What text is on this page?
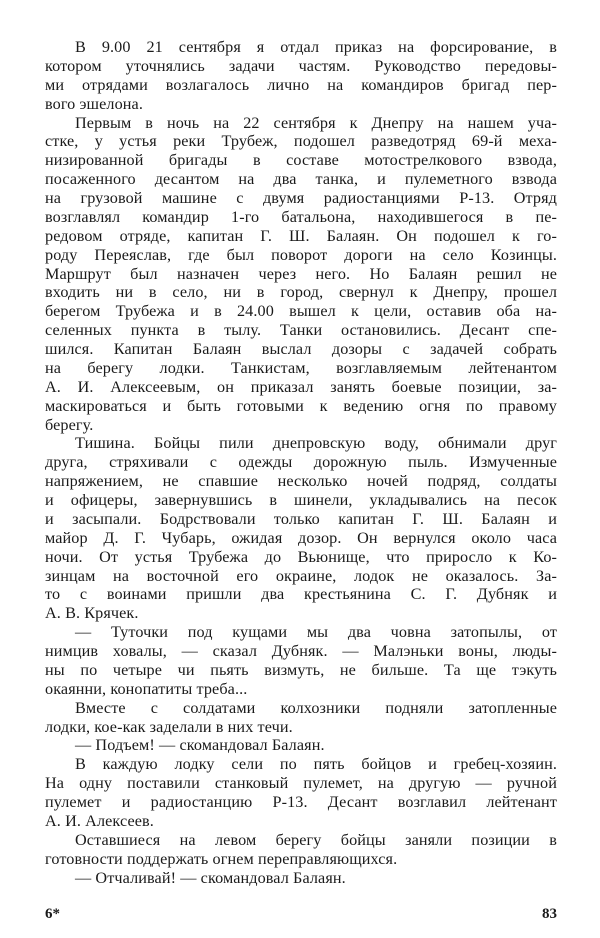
В 9.00 21 сентября я отдал приказ на форсирование, в
котором уточнялись задачи частям. Руководство передовы-
ми отрядами возлагалось лично на командиров бригад пер-
вого эшелона.
Первым в ночь на 22 сентября к Днепру на нашем уча-
стке, у устья реки Трубеж, подошел разведотряд 69-й меха-
низированной бригады в составе мотострелкового взвода,
посаженного десантом на два танка, и пулеметного взвода
на грузовой машине с двумя радиостанциями Р-13. Отряд
возглавлял командир 1-го батальона, находившегося в пе-
редовом отряде, капитан Г. Ш. Балаян. Он подошел к го-
роду Переяслав, где был поворот дороги на село Козинцы.
Маршрут был назначен через него. Но Балаян решил не
входить ни в село, ни в город, свернул к Днепру, прошел
берегом Трубежа и в 24.00 вышел к цели, оставив оба на-
селенных пункта в тылу. Танки остановились. Десант спе-
шился. Капитан Балаян выслал дозоры с задачей собрать
на берегу лодки. Танкистам, возглавляемым лейтенантом
А. И. Алексеевым, он приказал занять боевые позиции, за-
маскироваться и быть готовыми к ведению огня по правому
берегу.
Тишина. Бойцы пили днепровскую воду, обнимали друг
друга, стряхивали с одежды дорожную пыль. Измученные
напряжением, не спавшие несколько ночей подряд, солдаты
и офицеры, завернувшись в шинели, укладывались на песок
и засыпали. Бодрствовали только капитан Г. Ш. Балаян и
майор Д. Г. Чубарь, ожидая дозор. Он вернулся около часа
ночи. От устья Трубежа до Вьюнище, что приросло к Ко-
зинцам на восточной его окраине, лодок не оказалось. За-
то с воинами пришли два крестьянина С. Г. Дубняк и
А. В. Крячек.
— Туточки под кущами мы два човна затопылы, от
нимцив ховалы, — сказал Дубняк. — Малэньки воны, люды-
ны по четыре чи пьять визмуть, не бильше. Та ще тэкуть
окаянни, конопатиты треба...
Вместе с солдатами колхозники подняли затопленные
лодки, кое-как заделали в них течи.
— Подъем! — скомандовал Балаян.
В каждую лодку сели по пять бойцов и гребец-хозяин.
На одну поставили станковый пулемет, на другую — ручной
пулемет и радиостанцию Р-13. Десант возглавил лейтенант
А. И. Алексеев.
Оставшиеся на левом берегу бойцы заняли позиции в
готовности поддержать огнем переправляющихся.
— Отчаливай! — скомандовал Балаян.
6*	83
